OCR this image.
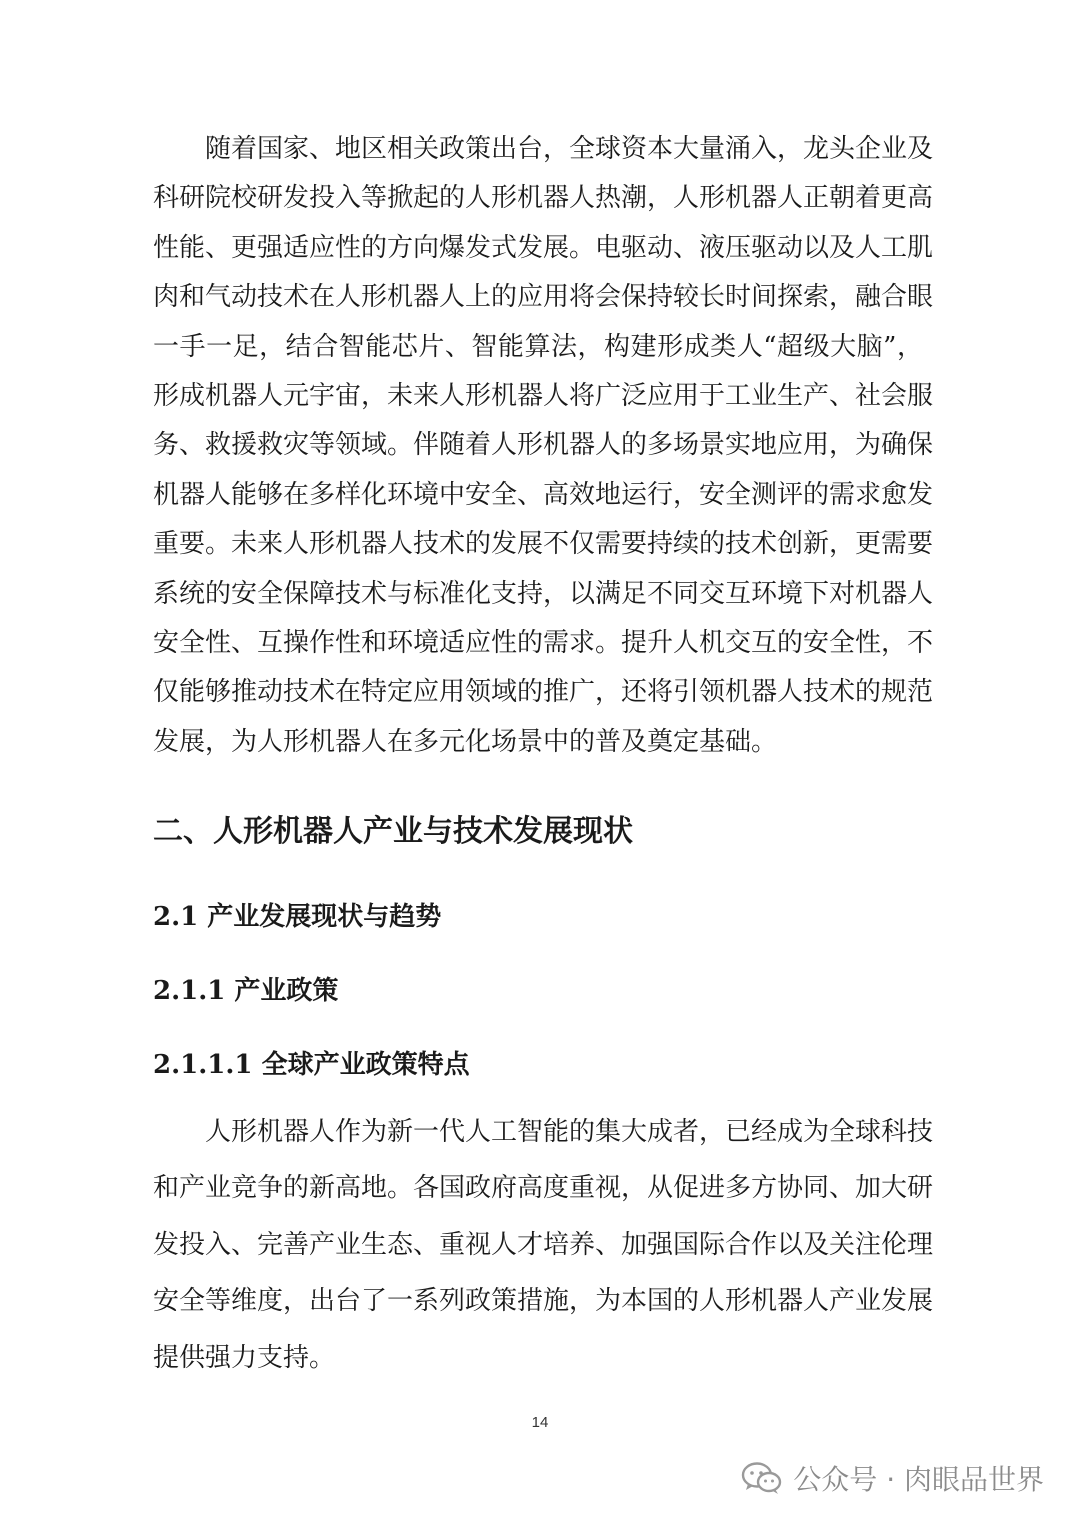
随着国家、地区相关政策出台，全球资本大量涌入，龙头企业及
科研院校研发投入等掀起的人形机器人热潮，人形机器人正朝着更高
性能、更强适应性的方向爆发式发展。电驱动、液压驱动以及人工肌
肉和气动技术在人形机器人上的应用将会保持较长时间探索，融合眼
一手一足，结合智能芯片、智能算法，构建形成类人“超级大脑”，
形成机器人元宇宙，未来人形机器人将广泛应用于工业生产、社会服
务、救援救灾等领域。伴随着人形机器人的多场景实地应用，为确保
机器人能够在多样化环境中安全、高效地运行，安全测评的需求愈发
重要。未来人形机器人技术的发展不仅需要持续的技术创新，更需要
系统的安全保障技术与标准化支持，以满足不同交互环境下对机器人
安全性、互操作性和环境适应性的需求。提升人机交互的安全性，不
仅能够推动技术在特定应用领域的推广，还将引领机器人技术的规范
发展，为人形机器人在多元化场景中的普及奠定基础。
二、人形机器人产业与技术发展现状
2.1 产业发展现状与趋势
2.1.1 产业政策
2.1.1.1 全球产业政策特点
人形机器人作为新一代人工智能的集大成者，已经成为全球科技
和产业竞争的新高地。各国政府高度重视，从促进多方协同、加大研
发投入、完善产业生态、重视人才培养、加强国际合作以及关注伦理
安全等维度，出台了一系列政策措施，为本国的人形机器人产业发展
提供强力支持。
14
公众号 · 肉眼品世界
